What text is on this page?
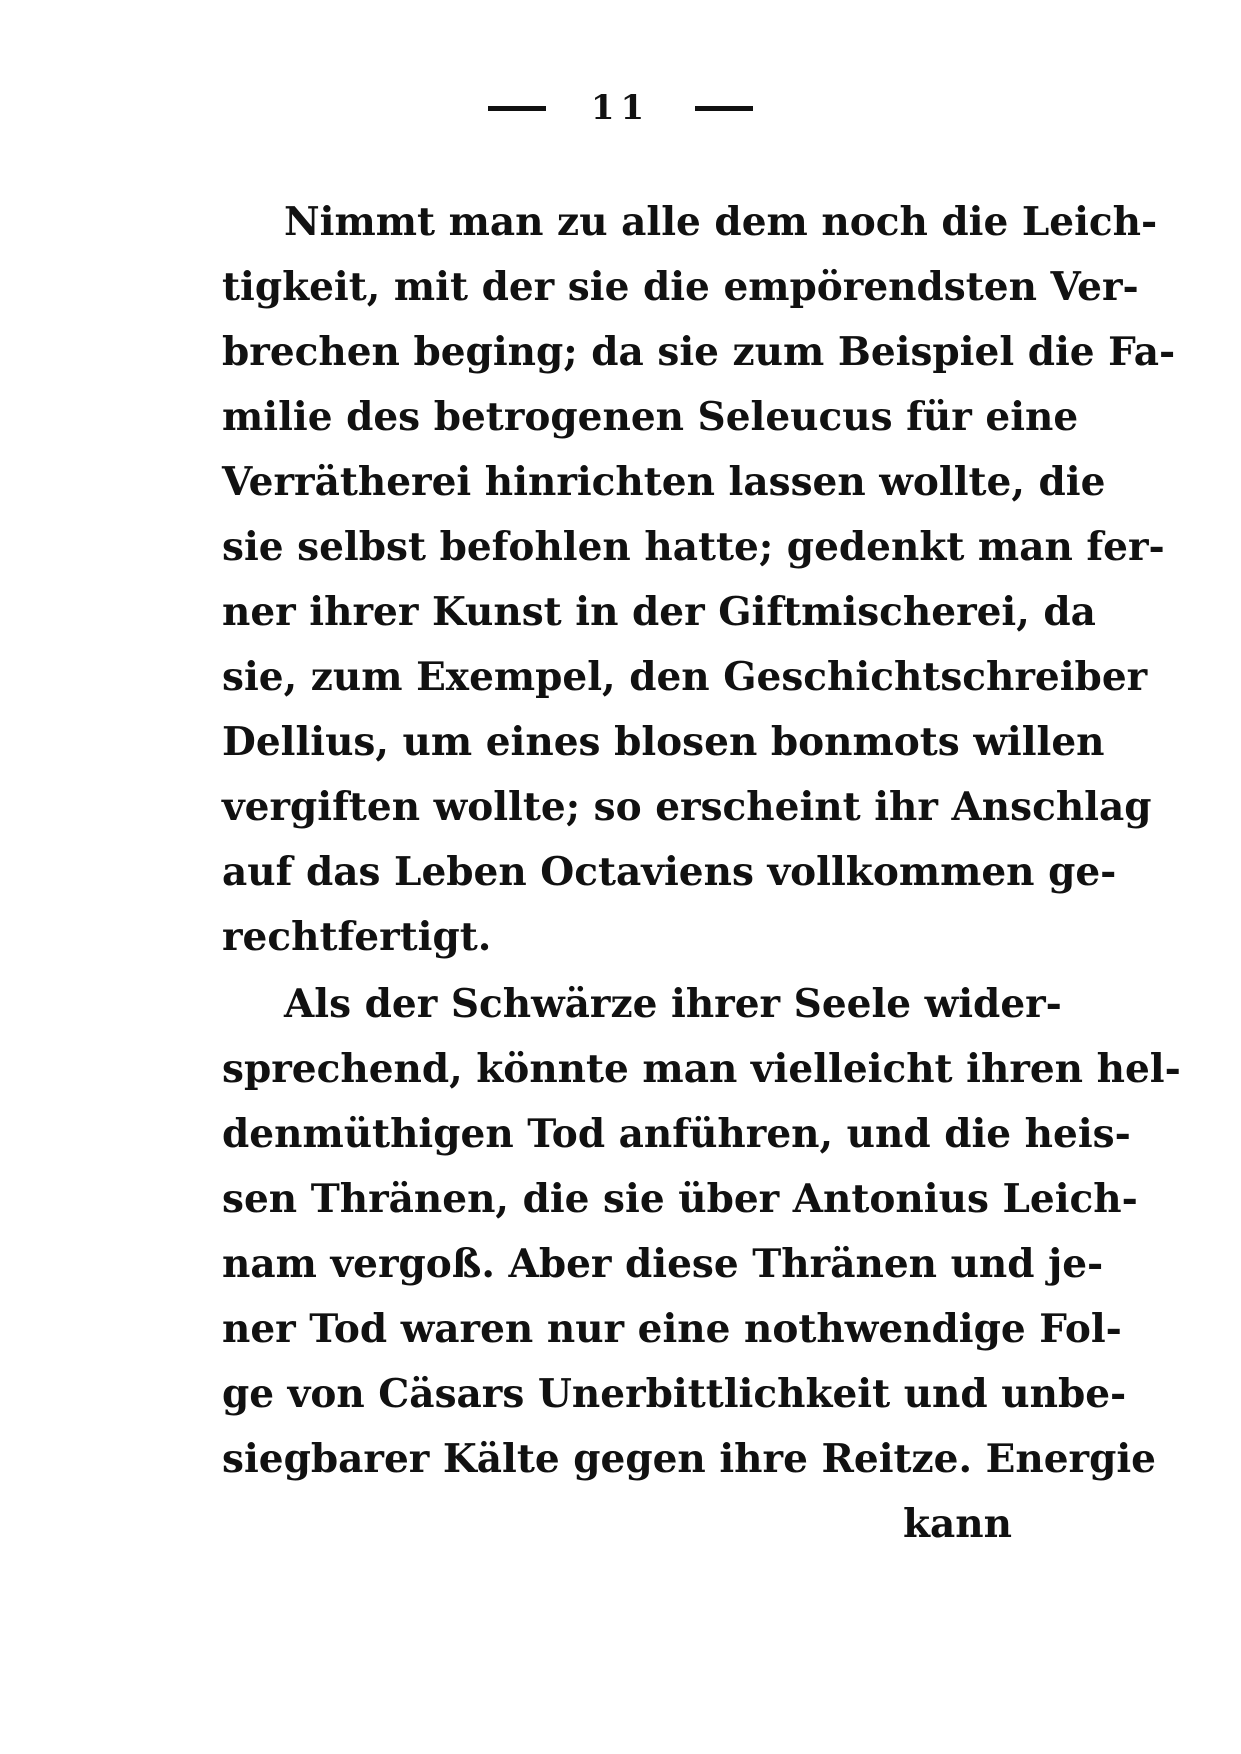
11
Nimmt man zu alle dem noch die Leich-
tigkeit, mit der sie die empörendsten Ver-
brechen beging; da sie zum Beispiel die Fa-
milie des betrogenen Seleucus für eine
Verrätherei hinrichten lassen wollte, die
sie selbst befohlen hatte; gedenkt man fer-
ner ihrer Kunst in der Giftmischerei, da
sie, zum Exempel, den Geschichtschreiber
Dellius, um eines blosen bonmots willen
vergiften wollte; so erscheint ihr Anschlag
auf das Leben Octaviens vollkommen ge-
rechtfertigt.
Als der Schwärze ihrer Seele wider-
sprechend, könnte man vielleicht ihren hel-
denmüthigen Tod anführen, und die heis-
sen Thränen, die sie über Antonius Leich-
nam vergoß. Aber diese Thränen und je-
ner Tod waren nur eine nothwendige Fol-
ge von Cäsars Unerbittlichkeit und unbe-
siegbarer Kälte gegen ihre Reitze. Energie
kann
